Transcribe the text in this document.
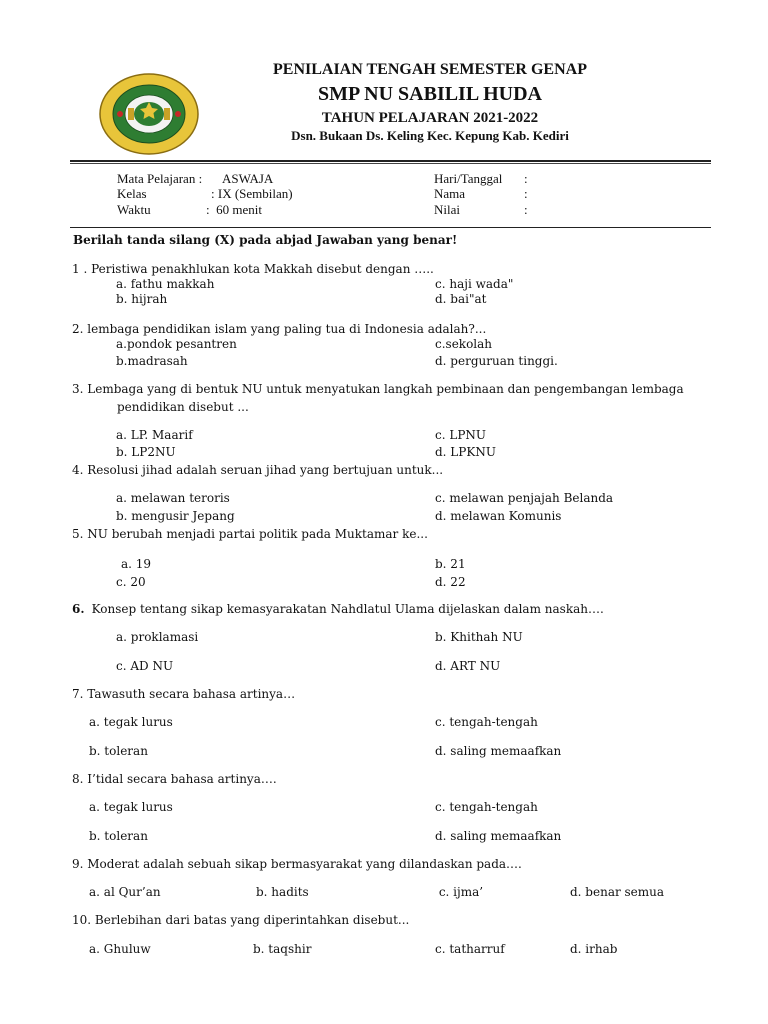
PENILAIAN TENGAH SEMESTER GENAP
SMP NU SABILIL HUDA
TAHUN PELAJARAN 2021-2022
Dsn. Bukaan Ds. Keling Kec. Kepung Kab. Kediri
Mata Pelajaran : ASWAJA
Kelas	: IX (Sembilan)
Waktu	:  60 menit
Hari/Tanggal :
Nama	:
Nilai	:
Berilah tanda silang (X) pada abjad Jawaban yang benar!
1 . Peristiwa penakhlukan kota Makkah disebut dengan …..
a. fathu makkah	c. haji wada"
b. hijrah	d. bai"at
2. lembaga pendidikan islam yang paling tua di Indonesia adalah?...
a.pondok pesantren	c.sekolah
b.madrasah	d. perguruan tinggi.
3. Lembaga yang di bentuk NU untuk menyatukan langkah pembinaan dan pengembangan lembaga
pendidikan disebut ...
a. LP. Maarif	c. LPNU
b. LP2NU	d. LPKNU
4. Resolusi jihad adalah seruan jihad yang bertujuan untuk...
a. melawan teroris	c. melawan penjajah Belanda
b. mengusir Jepang	d. melawan Komunis
5. NU berubah menjadi partai politik pada Muktamar ke...
a. 19	b. 21
c. 20	d. 22
6. Konsep tentang sikap kemasyarakatan Nahdlatul Ulama dijelaskan dalam naskah….
a. proklamasi	b. Khithah NU
c. AD NU	d. ART NU
7. Tawasuth secara bahasa artinya…
a. tegak lurus	c. tengah-tengah
b. toleran	d. saling memaafkan
8. I’tidal secara bahasa artinya….
a. tegak lurus	c. tengah-tengah
b. toleran	d. saling memaafkan
9. Moderat adalah sebuah sikap bermasyarakat yang dilandaskan pada….
a. al Qur’an	b. hadits	c. ijma’	d. benar semua
10. Berlebihan dari batas yang diperintahkan disebut...
a. Ghuluw	b. taqshir	c. tatharruf	d. irhab
